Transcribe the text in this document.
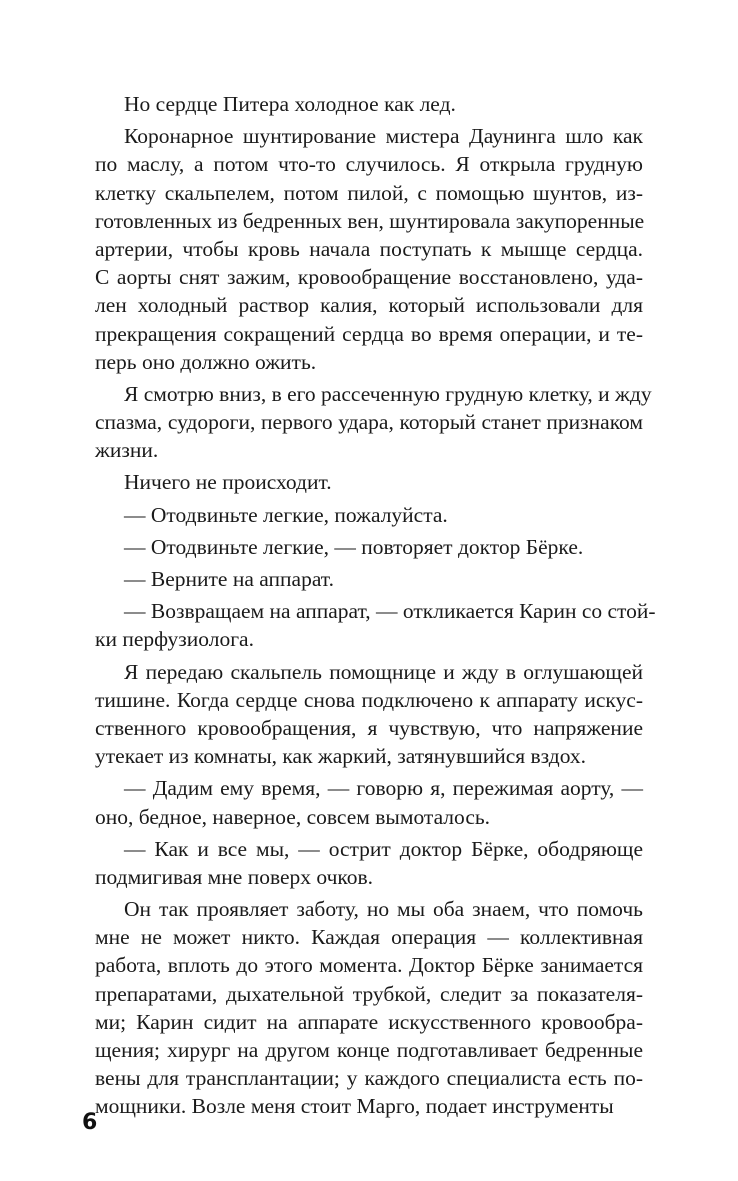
Но сердце Питера холодное как лед.
Коронарное шунтирование мистера Даунинга шло как
по маслу, а потом что-то случилось. Я открыла грудную
клетку скальпелем, потом пилой, с помощью шунтов, из-
готовленных из бедренных вен, шунтировала закупоренные
артерии, чтобы кровь начала поступать к мышце сердца.
С аорты снят зажим, кровообращение восстановлено, уда-
лен холодный раствор калия, который использовали для
прекращения сокращений сердца во время операции, и те-
перь оно должно ожить.
Я смотрю вниз, в его рассеченную грудную клетку, и жду
спазма, судороги, первого удара, который станет признаком
жизни.
Ничего не происходит.
— Отодвиньте легкие, пожалуйста.
— Отодвиньте легкие, — повторяет доктор Бёрке.
— Верните на аппарат.
— Возвращаем на аппарат, — откликается Карин со стой-
ки перфузиолога.
Я передаю скальпель помощнице и жду в оглушающей
тишине. Когда сердце снова подключено к аппарату искус-
ственного кровообращения, я чувствую, что напряжение
утекает из комнаты, как жаркий, затянувшийся вздох.
— Дадим ему время, — говорю я, пережимая аорту, —
оно, бедное, наверное, совсем вымоталось.
— Как и все мы, — острит доктор Бёрке, ободряюще
подмигивая мне поверх очков.
Он так проявляет заботу, но мы оба знаем, что помочь
мне не может никто. Каждая операция — коллективная
работа, вплоть до этого момента. Доктор Бёрке занимается
препаратами, дыхательной трубкой, следит за показателя-
ми; Карин сидит на аппарате искусственного кровообра-
щения; хирург на другом конце подготавливает бедренные
вены для трансплантации; у каждого специалиста есть по-
мощники. Возле меня стоит Марго, подает инструменты
6
